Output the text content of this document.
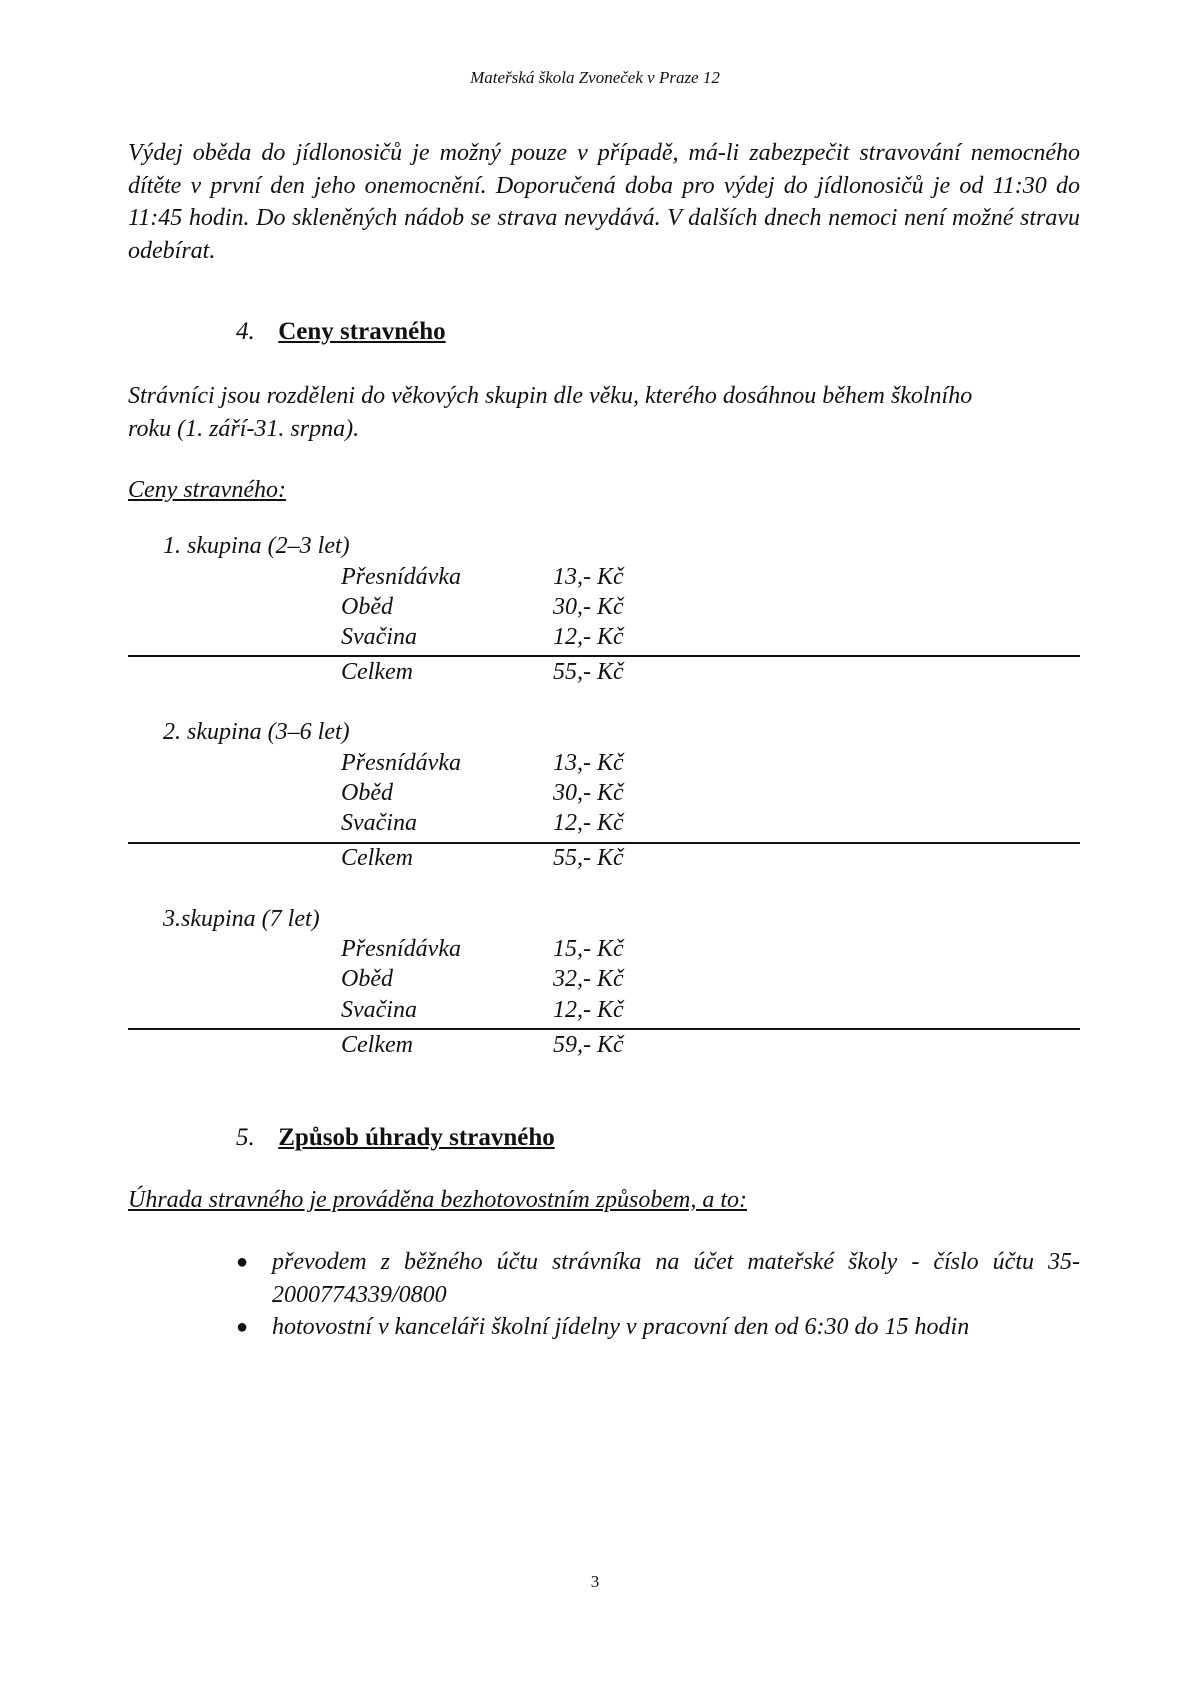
Mateřská škola Zvoneček v Praze 12
Výdej oběda do jídlonosičů je možný pouze v případě, má-li zabezpečit stravování nemocného dítěte v první den jeho onemocnění. Doporučená doba pro výdej do jídlonosičů je od 11:30 do 11:45 hodin. Do skleněných nádob se strava nevydává. V dalších dnech nemoci není možné stravu odebírat.
4. Ceny stravného
Strávníci jsou rozděleni do věkových skupin dle věku, kterého dosáhnou během školního roku (1. září-31. srpna).
Ceny stravného:
1. skupina (2–3 let)
Přesnídávka	13,- Kč
Oběd	30,- Kč
Svačina	12,- Kč
Celkem	55,- Kč
2. skupina (3–6 let)
Přesnídávka	13,- Kč
Oběd	30,- Kč
Svačina	12,- Kč
Celkem	55,- Kč
3.skupina (7 let)
Přesnídávka	15,- Kč
Oběd	32,- Kč
Svačina	12,- Kč
Celkem	59,- Kč
5. Způsob úhrady stravného
Úhrada stravného je prováděna bezhotovostním způsobem, a to:
● převodem z běžného účtu strávníka na účet mateřské školy - číslo účtu 35-2000774339/0800
● hotovostní v kanceláři školní jídelny v pracovní den od 6:30 do 15 hodin
3
